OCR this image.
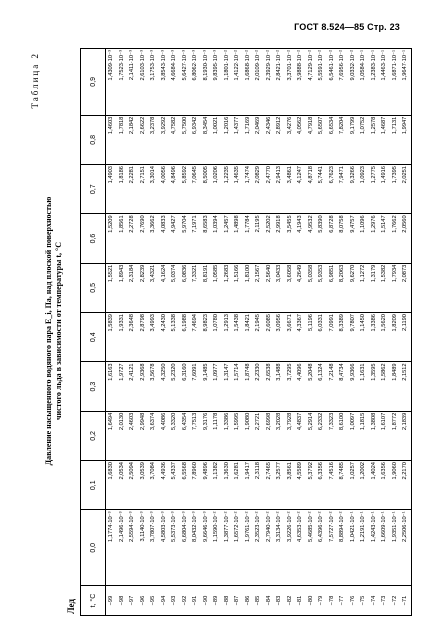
ГОСТ 8.524—85 Стр. 23
Таблица 2
Давление насыщенного водяного пара E_i, Па, над плоской поверхностью чистого льда в зависимости от температуры t, °С
Лед t, °С	0,0	0,1	0,2	0,3	0,4	0,5	0,6	0,7	0,8	0,9
−99	1,1774·10⁻³	1,6830	1,6494	1,6163	1,5839	1,5521	1,5209	1,4903	1,4603	1,4309·10⁻³
−98	2,1496·10⁻³	2,0534	2,0130	1,9727	1,9331	1,8943	1,8561	1,8186	1,7818	1,7523·10⁻³
−97	2,5594·10⁻³	2,5094	2,4603	2,4121	2,3648	2,3184	2,2728	2,2281	2,1842	2,1411·10⁻³
−96	3,1140·10⁻³	3,0539	2,9948	2,9368	2,8798	2,8239	2,7690	2,7151	2,6622	2,6103·10⁻³
−95	3,7807·10⁻³	3,7084	3,6374	3,5678	3,4993	3,4321	3,3662	3,3014	3,2378	3,1753·10⁻³
−94	4,5803·10⁻³	4,4936	4,4086	4,3250	4,2430	4,1624	4,0833	4,0056	3,9292	3,8543·10⁻³
−93	5,5373·10⁻³	5,4337	5,3320	5,2320	5,1338	5,0374	4,9427	4,8496	4,7582	4,6684·10⁻³
−92	6,6804·10⁻³	6,5568	6,4354	6,3160	6,1988	6,0836	5,9704	5,8592	5,7500	5,6427·10⁻³
−91	8,0432·10⁻³	7,8960	7,7513	7,6091	7,4694	7,3321	7,1971	7,0645	6,9342	6,8062·10⁻³
−90	9,6646·10⁻³	9,4896	9,3176	9,1485	8,9823	8,8191	8,6583	8,5005	8,3454	8,1930·10⁻³
−89	1,1590·10⁻²	1,1382	1,1178	1,0977	1,0780	1,0585	1,0394	1,0206	1,0021	9,8395·10⁻³
−88	1,3877·10⁻²	1,3630	1,3386	1,3147	1,2913	1,2683	1,2457	1,2235	1,2016	1,1801·10⁻²
−87	1,6572·10⁻²	1,6281	1,5995	1,5714	1,5438	1,5166	1,4898	1,4635	1,4377	1,4122·10⁻²
−86	1,9761·10⁻²	1,9417	1,9080	1,8748	1,8421	1,8100	1,7784	1,7474	1,7169	1,6868·10⁻²
−85	2,3523·10⁻²	2,3118	2,2721	2,2330	2,1945	2,1567	2,1195	2,0829	2,0469	2,0109·10⁻²
−84	2,7940·10⁻²	2,7465	2,6998	2,6538	2,6085	2,5640	2,5202	2,4770	2,4346	2,3929·10⁻²
−83	3,3134·10⁻²	3,2577	3,2028	3,1488	3,0956	3,0433	2,9918	2,9413	2,8912	2,8421·10⁻²
−82	3,9226·10⁻²	3,8561	3,7928	3,7295	3,6671	3,6058	3,5455	3,4861	3,4276	3,3701·10⁻²
−81	4,6353·10⁻²	4,5589	4,4837	4,4096	4,3367	4,2649	4,1943	4,1247	4,0562	3,9888·10⁻²
−80	5,4685·10⁻²	5,3792	5,2914	5,2048	5,1196	5,0358	4,9532	4,8718	4,7918	4,7129·10⁻²
−79	6,4396·10⁻²	6,3356	6,2332	6,1324	6,0331	5,9353	5,8390	5,7441	5,6507	5,5591·10⁻²
−78	7,5727·10⁻²	7,4516	7,3323	7,2148	7,0991	6,9851	6,8728	6,7623	6,6534	6,5461·10⁻²
−77	8,8894·10⁻²	8,7485	8,6100	8,4734	8,3389	8,2063	8,0758	7,9471	7,8204	7,6956·10⁻²
−76	1,0421·10⁻¹	1,0257	1,0097	9,9366	9,7807	9,6270	9,4757	9,3266	9,1799	9,0332·10⁻²
−75	1,2191·10⁻¹	1,2002	1,1815	1,1631	1,1450	1,1272	1,1096	1,0923	1,0752	1,0584·10⁻¹
−74	1,4243·10⁻¹	1,4024	1,3808	1,3595	1,3386	1,3179	1,2976	1,2775	1,2578	1,2383·10⁻¹
−73	1,6609·10⁻¹	1,6356	1,6107	1,5862	1,5620	1,5382	1,5147	1,4916	1,4687	1,4463·10⁻¹
−72	1,9351·10⁻¹	1,9060	1,8772	1,8489	1,8209	1,7934	1,7662	1,7395	1,7131	1,6871·10⁻¹
−71	2,2506·10⁻¹	2,2170	2,1839	2,1512	2,1190	2,0873	2,0560	2,0251	1,9947	1,9647·10⁻¹
